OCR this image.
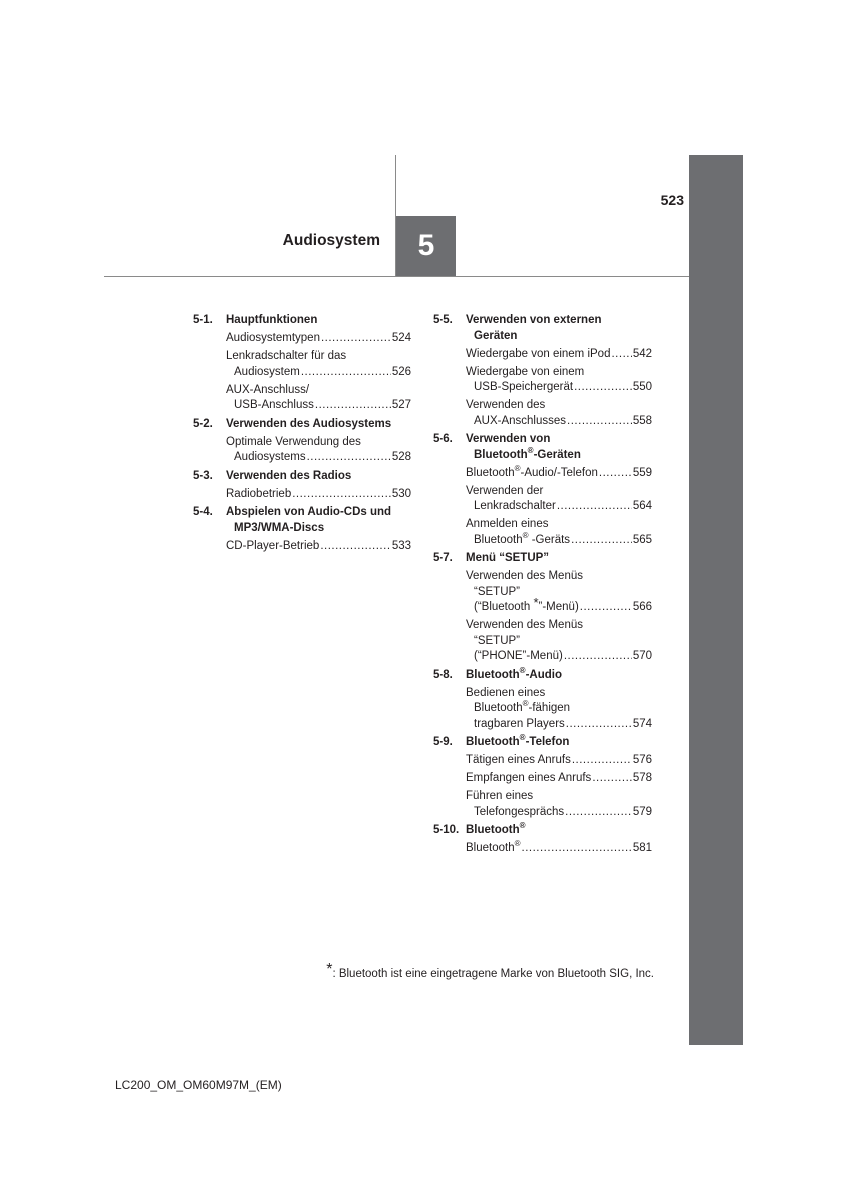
523
Audiosystem	5
5-1.	Hauptfunktionen
Audiosystemtypen .....	524
Lenkradschalter für das
Audiosystem .....	526
AUX-Anschluss/
USB-Anschluss .....	527
5-2.	Verwenden des Audiosystems
Optimale Verwendung des
Audiosystems .....	528
5-3.	Verwenden des Radios
Radiobetrieb .....	530
5-4.	Abspielen von Audio-CDs und
MP3/WMA-Discs
CD-Player-Betrieb .....	533
5-5.	Verwenden von externen
Geräten
Wiedergabe von einem iPod ..... 542
Wiedergabe von einem
USB-Speichergerät .....	550
Verwenden des
AUX-Anschlusses .....	558
5-6.	Verwenden von
Bluetooth®-Geräten
Bluetooth®-Audio/-Telefon .....	559
Verwenden der
Lenkradschalter .....	564
Anmelden eines
Bluetooth® -Geräts .....	565
5-7.	Menü “SETUP”
Verwenden des Menüs
“SETUP”
(“Bluetooth *”-Menü) .....	566
Verwenden des Menüs
“SETUP”
(“PHONE”-Menü) .....	570
5-8.	Bluetooth®-Audio
Bedienen eines
Bluetooth®-fähigen
tragbaren Players .....	574
5-9.	Bluetooth®-Telefon
Tätigen eines Anrufs .....	576
Empfangen eines Anrufs .....	578
Führen eines
Telefongesprächs .....	579
5-10. Bluetooth®
Bluetooth® .....	581
*: Bluetooth ist eine eingetragene Marke von Bluetooth SIG, Inc.
LC200_OM_OM60M97M_(EM)
